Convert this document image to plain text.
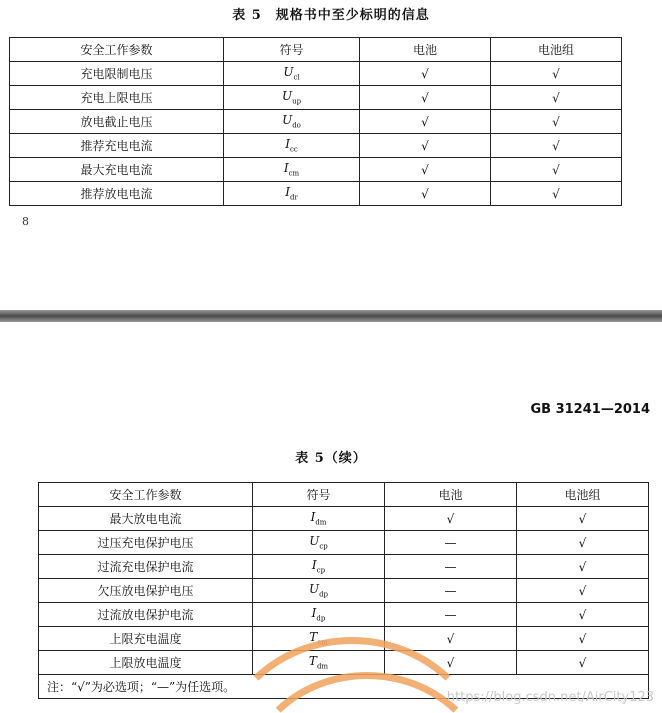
表 5　规格书中至少标明的信息
安全工作参数	符号	电池	电池组
充电限制电压	$U_{cl}$	√	√
充电上限电压	$U_{up}$	√	√
放电截止电压	$U_{do}$	√	√
推荐充电电流	$I_{cc}$	√	√
最大充电电流	$I_{cm}$	√	√
推荐放电电流	$I_{dr}$	√	√
8
GB 31241—2014
表 5（续）
安全工作参数	符号	电池	电池组
最大放电电流	$I_{dm}$	√	√
过压充电保护电压	$U_{cp}$	—	√
过流充电保护电流	$I_{cp}$	—	√
欠压放电保护电压	$U_{dp}$	—	√
过流放电保护电流	$I_{dp}$	—	√
上限充电温度	$T_{cm}$	√	√
上限放电温度	$T_{dm}$	√	√
注：“√”为必选项；“—”为任选项。			
https://blog.csdn.net/AirCity123
